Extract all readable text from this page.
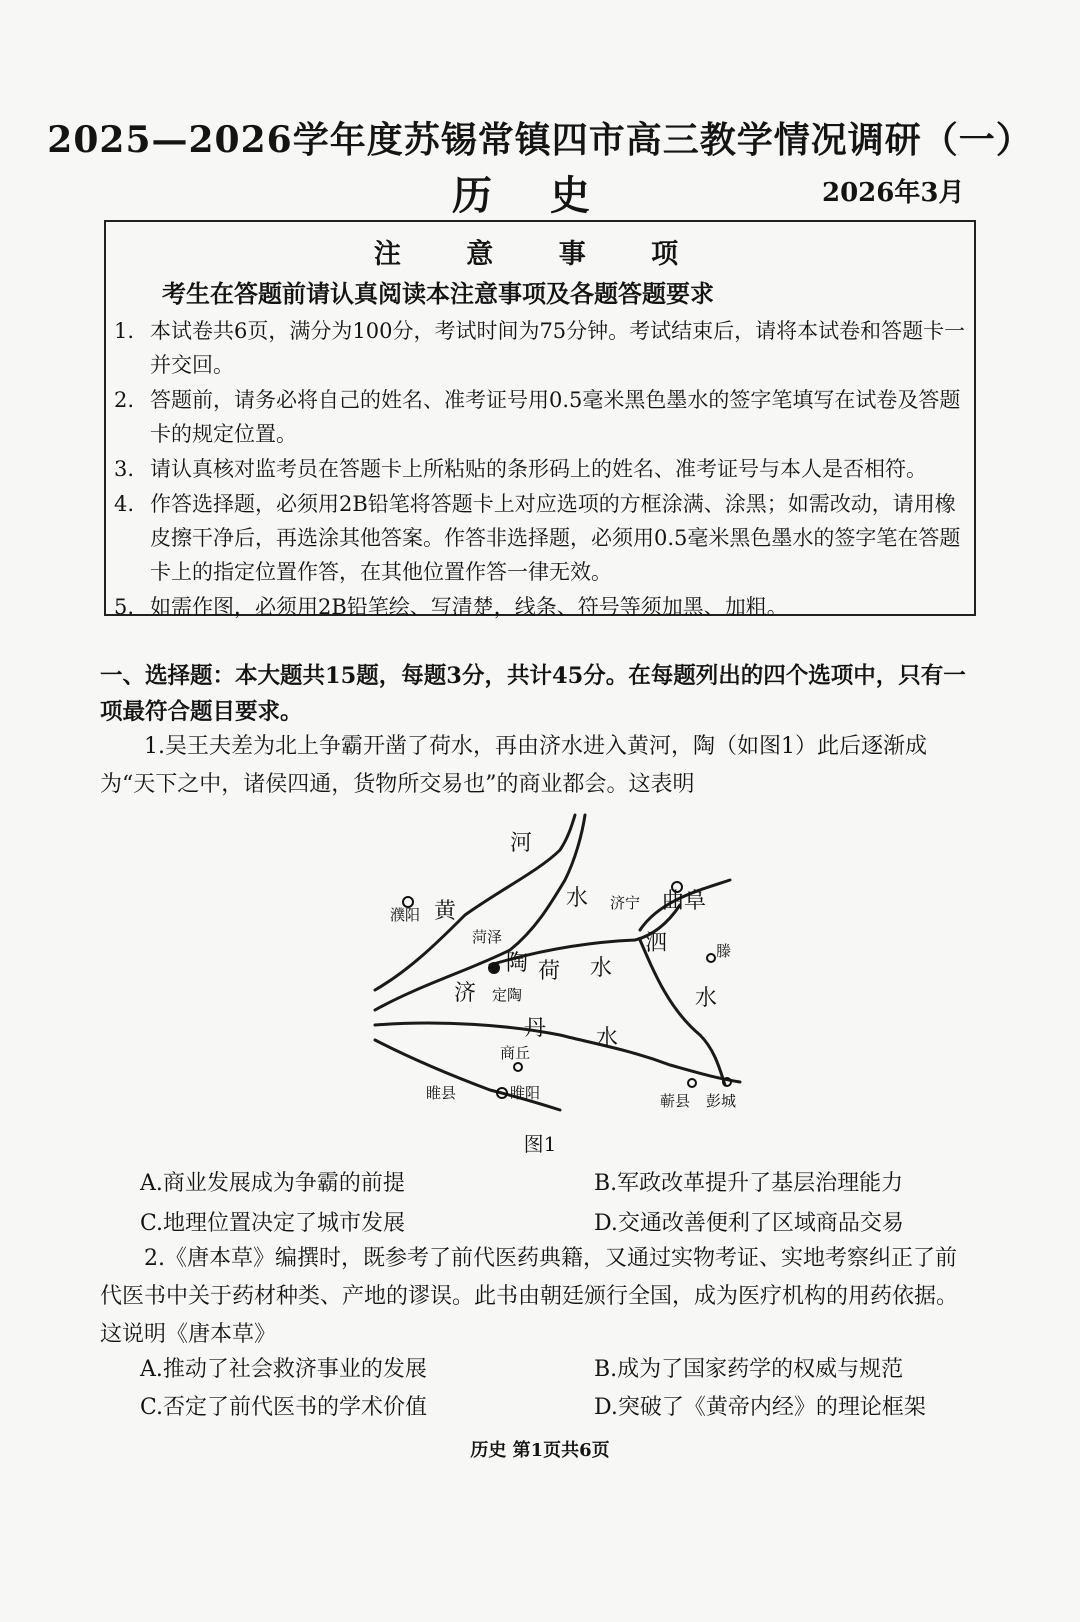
2025—2026学年度苏锡常镇四市高三教学情况调研（一）
历 史	2026年3月
注 意 事 项
考生在答题前请认真阅读本注意事项及各题答题要求
1. 本试卷共6页，满分为100分，考试时间为75分钟。考试结束后，请将本试卷和答题卡一并交回。
2. 答题前，请务必将自己的姓名、准考证号用0.5毫米黑色墨水的签字笔填写在试卷及答题卡的规定位置。
3. 请认真核对监考员在答题卡上所粘贴的条形码上的姓名、准考证号与本人是否相符。
4. 作答选择题，必须用2B铅笔将答题卡上对应选项的方框涂满、涂黑；如需改动，请用橡皮擦干净后，再选涂其他答案。作答非选择题，必须用0.5毫米黑色墨水的签字笔在答题卡上的指定位置作答，在其他位置作答一律无效。
5. 如需作图，必须用2B铅笔绘、写清楚，线条、符号等须加黑、加粗。
一、选择题：本大题共15题，每题3分，共计45分。在每题列出的四个选项中，只有一项最符合题目要求。
1.吴王夫差为北上争霸开凿了荷水，再由济水进入黄河，陶（如图1）此后逐渐成为“天下之中，诸侯四通，货物所交易也”的商业都会。这表明
河
黄
水
泗
水
陶 荷 水
济
丹 水
濮阳
菏泽
定陶
济宁 曲阜
滕
商丘
睢县	睢阳	蕲县 彭城
图1
A.商业发展成为争霸的前提	B.军政改革提升了基层治理能力
C.地理位置决定了城市发展	D.交通改善便利了区域商品交易
2.《唐本草》编撰时，既参考了前代医药典籍，又通过实物考证、实地考察纠正了前代医书中关于药材种类、产地的谬误。此书由朝廷颁行全国，成为医疗机构的用药依据。这说明《唐本草》
A.推动了社会救济事业的发展	B.成为了国家药学的权威与规范
C.否定了前代医书的学术价值	D.突破了《黄帝内经》的理论框架
历史 第1页共6页
